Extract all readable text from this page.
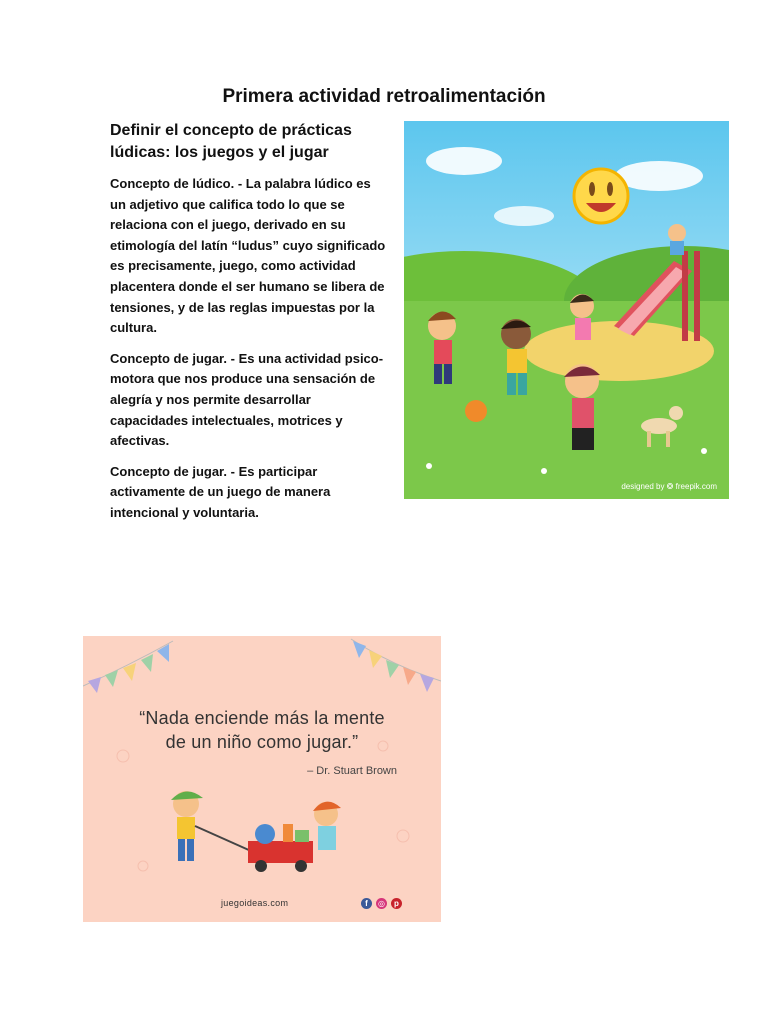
Primera actividad retroalimentación

Definir el concepto de prácticas lúdicas: los juegos y el jugar

Concepto de lúdico. - La palabra lúdico es un adjetivo que califica todo lo que se relaciona con el juego, derivado en su etimología del latín “ludus” cuyo significado es precisamente, juego, como actividad placentera donde el ser humano se libera de tensiones, y de las reglas impuestas por la cultura.

Concepto de jugar. - Es una actividad psico-motora que nos produce una sensación de alegría y nos permite desarrollar capacidades intelectuales, motrices y afectivas.

Concepto de jugar. - Es participar activamente de un juego de manera intencional y voluntaria.

designed by ❂ freepik.com
“Nada enciende más la mente
de un niño como jugar.”
– Dr. Stuart Brown
juegoideas.com	f	◎	p
